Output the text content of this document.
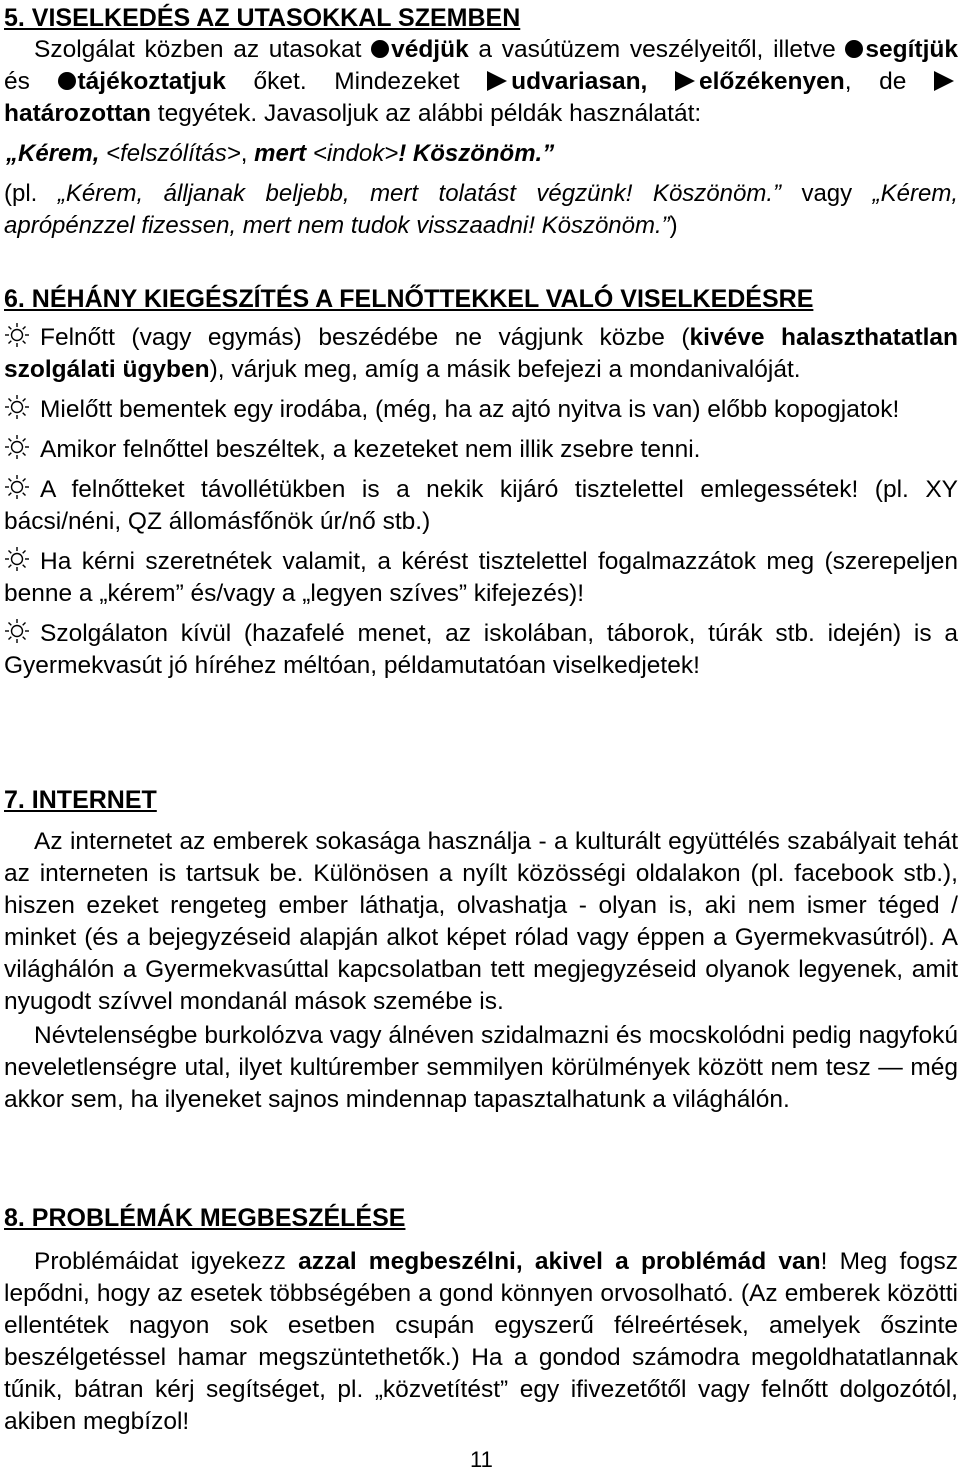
5. VISELKEDÉS AZ UTASOKKAL SZEMBEN

Szolgálat közben az utasokat védjük a vasútüzem veszélyeitől, illetve segítjük és tájékoztatjuk őket. Mindezeket udvariasan, előzékenyen, de határozottan tegyétek. Javasoljuk az alábbi példák használatát:

„Kérem, <felszólítás>, mert <indok>! Köszönöm.”

(pl. „Kérem, álljanak beljebb, mert tolatást végzünk! Köszönöm.” vagy „Kérem, aprópénzzel fizessen, mert nem tudok visszaadni! Köszönöm.”)

6. NÉHÁNY KIEGÉSZÍTÉS A FELNŐTTEKKEL VALÓ VISELKEDÉSRE

Felnőtt (vagy egymás) beszédébe ne vágjunk közbe (kivéve halaszthatatlan szolgálati ügyben), várjuk meg, amíg a másik befejezi a mondanivalóját.

Mielőtt bementek egy irodába, (még, ha az ajtó nyitva is van) előbb kopogjatok!

Amikor felnőttel beszéltek, a kezeteket nem illik zsebre tenni.

A felnőtteket távollétükben is a nekik kijáró tisztelettel emlegessétek! (pl. XY bácsi/néni, QZ állomásfőnök úr/nő stb.)

Ha kérni szeretnétek valamit, a kérést tisztelettel fogalmazzátok meg (szerepeljen benne a „kérem” és/vagy a „legyen szíves” kifejezés)!

Szolgálaton kívül (hazafelé menet, az iskolában, táborok, túrák stb. idején) is a Gyermekvasút jó híréhez méltóan, példamutatóan viselkedjetek!

7. INTERNET

Az internetet az emberek sokasága használja - a kulturált együttélés szabályait tehát az interneten is tartsuk be. Különösen a nyílt közösségi oldalakon (pl. facebook stb.), hiszen ezeket rengeteg ember láthatja, olvashatja - olyan is, aki nem ismer téged / minket (és a bejegyzéseid alapján alkot képet rólad vagy éppen a Gyermekvasútról). A világhálón a Gyermekvasúttal kapcsolatban tett megjegyzéseid olyanok legyenek, amit nyugodt szívvel mondanál mások szemébe is.

Névtelenségbe burkolózva vagy álnéven szidalmazni és mocskolódni pedig nagyfokú neveletlenségre utal, ilyet kultúrember semmilyen körülmények között nem tesz — még akkor sem, ha ilyeneket sajnos mindennap tapasztalhatunk a világhálón.

8. PROBLÉMÁK MEGBESZÉLÉSE

Problémáidat igyekezz azzal megbeszélni, akivel a problémád van! Meg fogsz lepődni, hogy az esetek többségében a gond könnyen orvosolható. (Az emberek közötti ellentétek nagyon sok esetben csupán egyszerű félreértések, amelyek őszinte beszélgetéssel hamar megszüntethetők.) Ha a gondod számodra megoldhatatlannak tűnik, bátran kérj segítséget, pl. „közvetítést” egy ifivezetőtől vagy felnőtt dolgozótól, akiben megbízol!

11
